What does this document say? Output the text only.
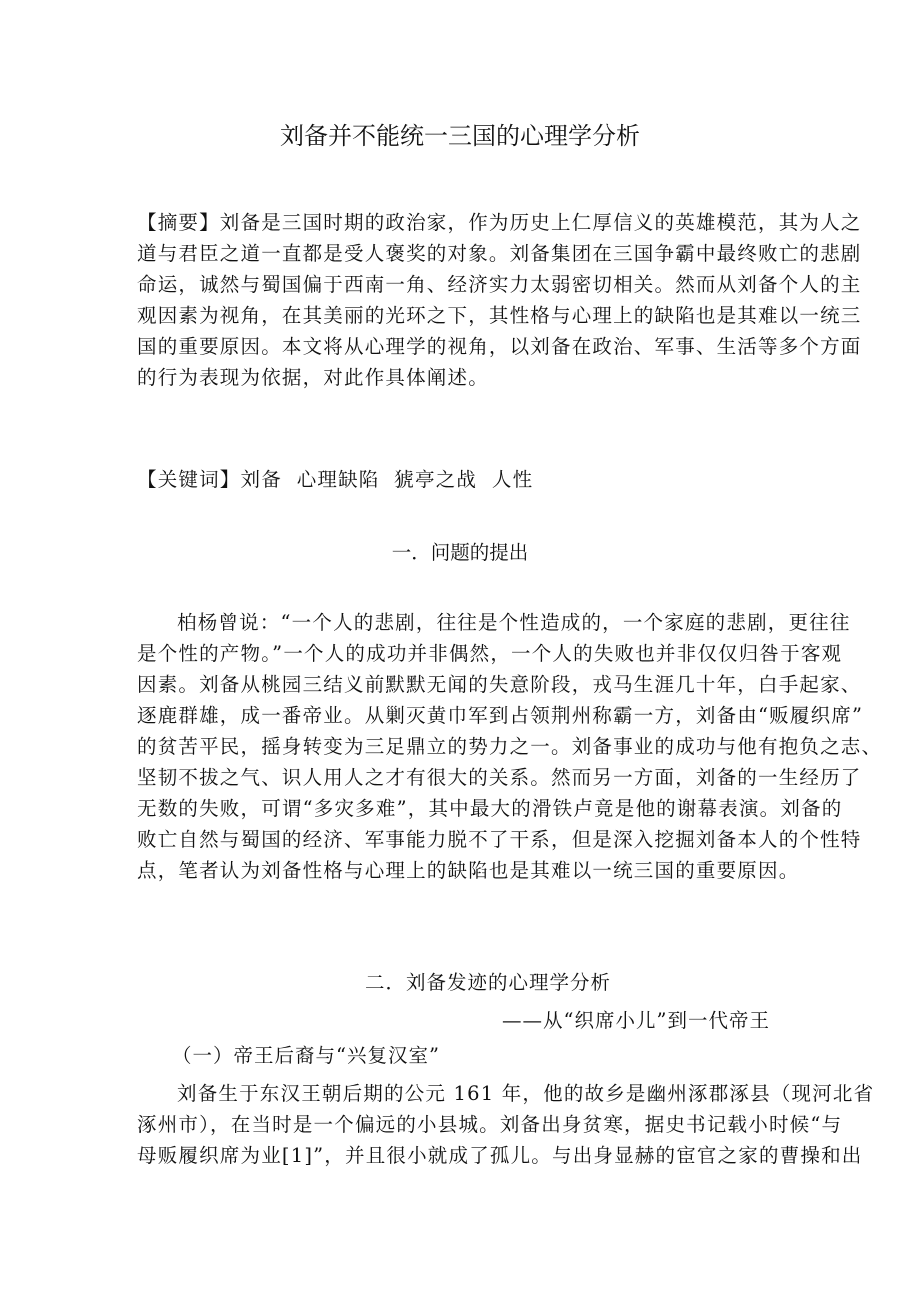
刘备并不能统一三国的心理学分析
【摘要】刘备是三国时期的政治家，作为历史上仁厚信义的英雄模范，其为人之
道与君臣之道一直都是受人褒奖的对象。刘备集团在三国争霸中最终败亡的悲剧
命运，诚然与蜀国偏于西南一角、经济实力太弱密切相关。然而从刘备个人的主
观因素为视角，在其美丽的光环之下，其性格与心理上的缺陷也是其难以一统三
国的重要原因。本文将从心理学的视角，以刘备在政治、军事、生活等多个方面
的行为表现为依据，对此作具体阐述。
【关键词】刘备  心理缺陷  猇亭之战  人性
一．问题的提出
柏杨曾说：“一个人的悲剧，往往是个性造成的，一个家庭的悲剧，更往往
是个性的产物。”一个人的成功并非偶然，一个人的失败也并非仅仅归咎于客观
因素。刘备从桃园三结义前默默无闻的失意阶段，戎马生涯几十年，白手起家、
逐鹿群雄，成一番帝业。从剿灭黄巾军到占领荆州称霸一方，刘备由“贩履织席”
的贫苦平民，摇身转变为三足鼎立的势力之一。刘备事业的成功与他有抱负之志、
坚韧不拔之气、识人用人之才有很大的关系。然而另一方面，刘备的一生经历了
无数的失败，可谓“多灾多难”，其中最大的滑铁卢竟是他的谢幕表演。刘备的
败亡自然与蜀国的经济、军事能力脱不了干系，但是深入挖掘刘备本人的个性特
点，笔者认为刘备性格与心理上的缺陷也是其难以一统三国的重要原因。
二．刘备发迹的心理学分析
——从“织席小儿”到一代帝王
（一）帝王后裔与“兴复汉室”
刘备生于东汉王朝后期的公元 161 年，他的故乡是幽州涿郡涿县（现河北省
涿州市），在当时是一个偏远的小县城。刘备出身贫寒，据史书记载小时候“与
母贩履织席为业[1]”，并且很小就成了孤儿。与出身显赫的宦官之家的曹操和出
